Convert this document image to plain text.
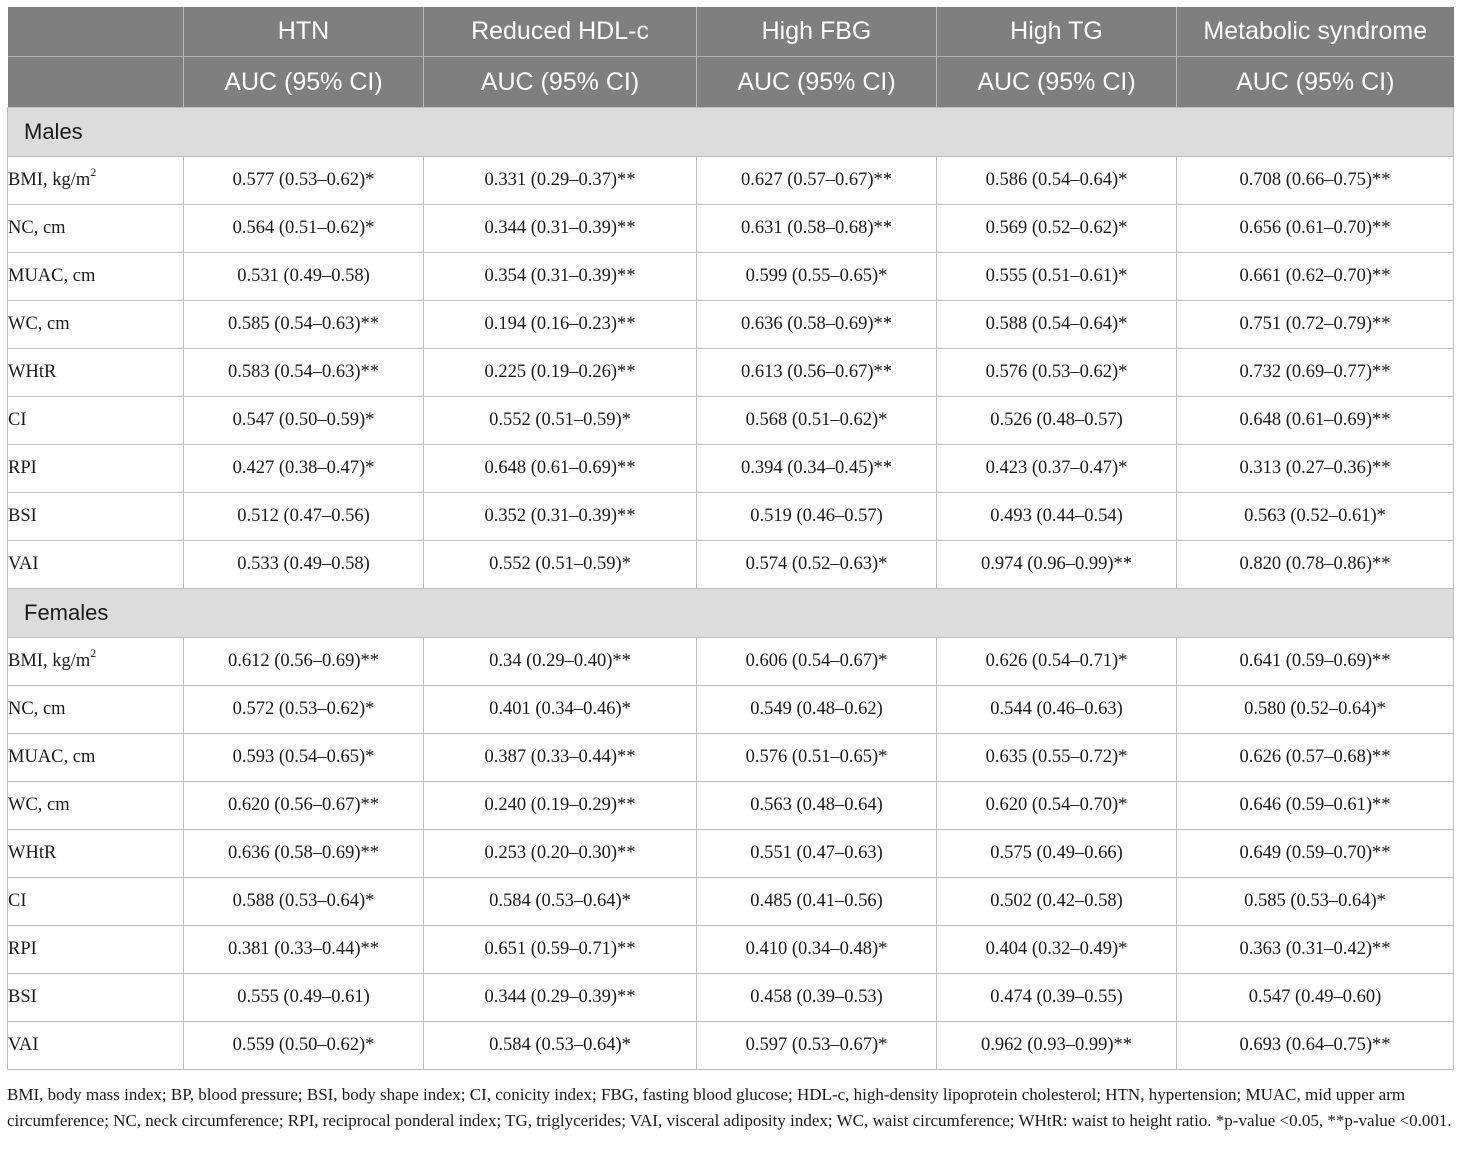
	HTN	Reduced HDL-c	High FBG	High TG	Metabolic syndrome
	AUC (95% CI)	AUC (95% CI)	AUC (95% CI)	AUC (95% CI)	AUC (95% CI)
Males					
BMI, $kg/m^2$	0.577 (0.53–0.62)*	0.331 (0.29–0.37)**	0.627 (0.57–0.67)**	0.586 (0.54–0.64)*	0.708 (0.66–0.75)**
NC, cm	0.564 (0.51–0.62)*	0.344 (0.31–0.39)**	0.631 (0.58–0.68)**	0.569 (0.52–0.62)*	0.656 (0.61–0.70)**
MUAC, cm	0.531 (0.49–0.58)	0.354 (0.31–0.39)**	0.599 (0.55–0.65)*	0.555 (0.51–0.61)*	0.661 (0.62–0.70)**
WC, cm	0.585 (0.54–0.63)**	0.194 (0.16–0.23)**	0.636 (0.58–0.69)**	0.588 (0.54–0.64)*	0.751 (0.72–0.79)**
WHtR	0.583 (0.54–0.63)**	0.225 (0.19–0.26)**	0.613 (0.56–0.67)**	0.576 (0.53–0.62)*	0.732 (0.69–0.77)**
CI	0.547 (0.50–0.59)*	0.552 (0.51–0.59)*	0.568 (0.51–0.62)*	0.526 (0.48–0.57)	0.648 (0.61–0.69)**
RPI	0.427 (0.38–0.47)*	0.648 (0.61–0.69)**	0.394 (0.34–0.45)**	0.423 (0.37–0.47)*	0.313 (0.27–0.36)**
BSI	0.512 (0.47–0.56)	0.352 (0.31–0.39)**	0.519 (0.46–0.57)	0.493 (0.44–0.54)	0.563 (0.52–0.61)*
VAI	0.533 (0.49–0.58)	0.552 (0.51–0.59)*	0.574 (0.52–0.63)*	0.974 (0.96–0.99)**	0.820 (0.78–0.86)**
Females					
BMI, $kg/m^2$	0.612 (0.56–0.69)**	0.34 (0.29–0.40)**	0.606 (0.54–0.67)*	0.626 (0.54–0.71)*	0.641 (0.59–0.69)**
NC, cm	0.572 (0.53–0.62)*	0.401 (0.34–0.46)*	0.549 (0.48–0.62)	0.544 (0.46–0.63)	0.580 (0.52–0.64)*
MUAC, cm	0.593 (0.54–0.65)*	0.387 (0.33–0.44)**	0.576 (0.51–0.65)*	0.635 (0.55–0.72)*	0.626 (0.57–0.68)**
WC, cm	0.620 (0.56–0.67)**	0.240 (0.19–0.29)**	0.563 (0.48–0.64)	0.620 (0.54–0.70)*	0.646 (0.59–0.61)**
WHtR	0.636 (0.58–0.69)**	0.253 (0.20–0.30)**	0.551 (0.47–0.63)	0.575 (0.49–0.66)	0.649 (0.59–0.70)**
CI	0.588 (0.53–0.64)*	0.584 (0.53–0.64)*	0.485 (0.41–0.56)	0.502 (0.42–0.58)	0.585 (0.53–0.64)*
RPI	0.381 (0.33–0.44)**	0.651 (0.59–0.71)**	0.410 (0.34–0.48)*	0.404 (0.32–0.49)*	0.363 (0.31–0.42)**
BSI	0.555 (0.49–0.61)	0.344 (0.29–0.39)**	0.458 (0.39–0.53)	0.474 (0.39–0.55)	0.547 (0.49–0.60)
VAI	0.559 (0.50–0.62)*	0.584 (0.53–0.64)*	0.597 (0.53–0.67)*	0.962 (0.93–0.99)**	0.693 (0.64–0.75)**

BMI, body mass index; BP, blood pressure; BSI, body shape index; CI, conicity index; FBG, fasting blood glucose; HDL-c, high-density lipoprotein cholesterol; HTN, hypertension; MUAC, mid upper arm circumference; NC, neck circumference; RPI, reciprocal ponderal index; TG, triglycerides; VAI, visceral adiposity index; WC, waist circumference; WHtR: waist to height ratio. *p-value <0.05, **p-value <0.001.
